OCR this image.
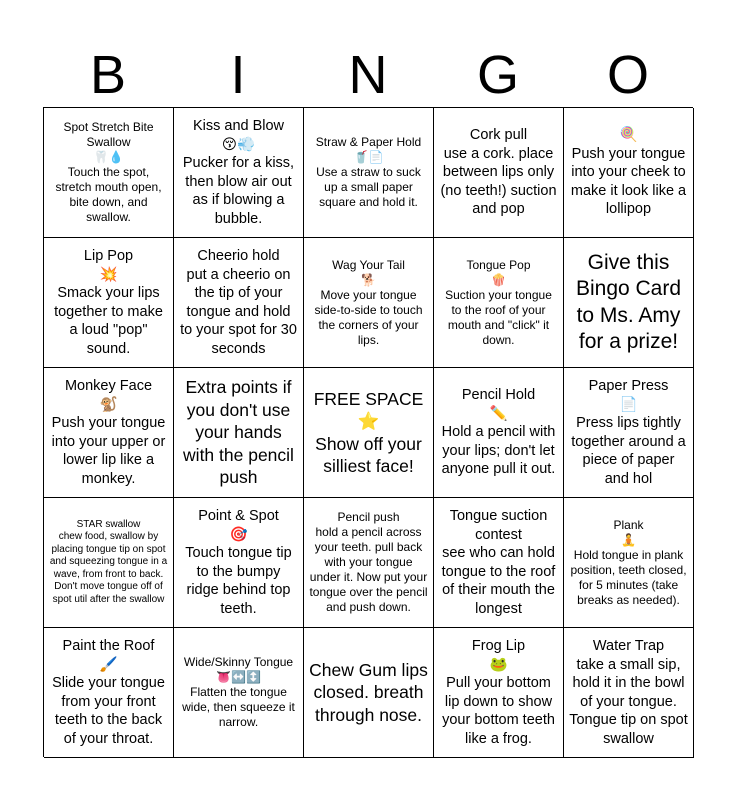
B	I	N	G	O
Spot Stretch Bite Swallow
🦷💧
Touch the spot, stretch mouth open, bite down, and swallow.
Kiss and Blow
😚💨
Pucker for a kiss, then blow air out as if blowing a bubble.
Straw & Paper Hold
🥤📄
Use a straw to suck up a small paper square and hold it.
Cork pull
use a cork. place between lips only (no teeth!) suction and pop
🍭
Push your tongue into your cheek to make it look like a lollipop
Lip Pop
💥
Smack your lips together to make a loud "pop" sound.
Cheerio hold
put a cheerio on the tip of your tongue and hold to your spot for 30 seconds
Wag Your Tail
🐕
Move your tongue side-to-side to touch the corners of your lips.
Tongue Pop
🍿
Suction your tongue to the roof of your mouth and "click" it down.
Give this Bingo Card to Ms. Amy for a prize!
Monkey Face
🐒
Push your tongue into your upper or lower lip like a monkey.
Extra points if you don't use your hands with the pencil push
FREE SPACE
⭐
Show off your silliest face!
Pencil Hold
✏️
Hold a pencil with your lips; don't let anyone pull it out.
Paper Press
📄
Press lips tightly together around a piece of paper and hol
STAR swallow
chew food, swallow by placing tongue tip on spot and squeezing tongue in a wave, from front to back. Don't move tongue off of spot util after the swallow
Point & Spot
🎯
Touch tongue tip to the bumpy ridge behind top teeth.
Pencil push
hold a pencil across your teeth. pull back with your tongue under it. Now put your tongue over the pencil and push down.
Tongue suction contest
see who can hold tongue to the roof of their mouth the longest
Plank
🧘
Hold tongue in plank position, teeth closed, for 5 minutes (take breaks as needed).
Paint the Roof
🖌️
Slide your tongue from your front teeth to the back of your throat.
Wide/Skinny Tongue
👅↔️↕️
Flatten the tongue wide, then squeeze it narrow.
Chew Gum lips closed. breath through nose.
Frog Lip
🐸
Pull your bottom lip down to show your bottom teeth like a frog.
Water Trap
take a small sip, hold it in the bowl of your tongue. Tongue tip on spot swallow
